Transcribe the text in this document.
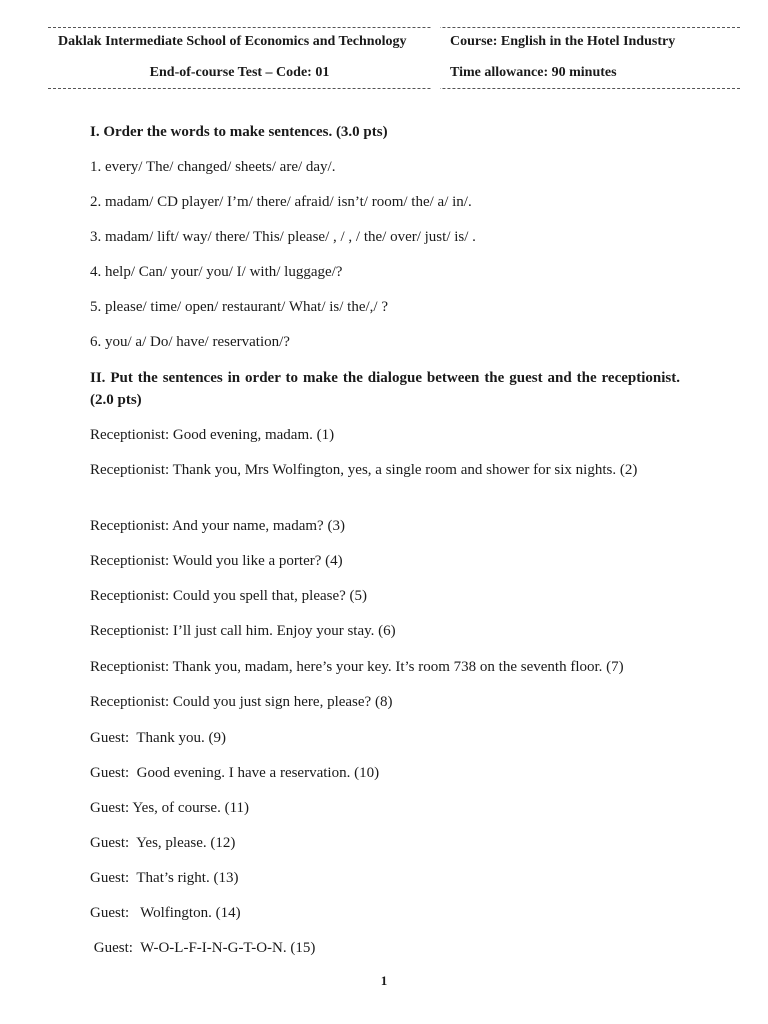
Daklak Intermediate School of Economics and Technology
End-of-course Test – Code: 01
Course: English in the Hotel Industry
Time allowance: 90 minutes
I. Order the words to make sentences. (3.0 pts)
1. every/ The/ changed/ sheets/ are/ day/.
2. madam/ CD player/ I’m/ there/ afraid/ isn’t/ room/ the/ a/ in/.
3. madam/ lift/ way/ there/ This/ please/ , / , / the/ over/ just/ is/ .
4. help/ Can/ your/ you/ I/ with/ luggage/?
5. please/ time/ open/ restaurant/ What/ is/ the/,/ ?
6. you/ a/ Do/ have/ reservation/?
II. Put the sentences in order to make the dialogue between the guest and the receptionist. (2.0 pts)
Receptionist: Good evening, madam. (1)
Receptionist: Thank you, Mrs Wolfington, yes, a single room and shower for six nights. (2)
Receptionist: And your name, madam? (3)
Receptionist: Would you like a porter? (4)
Receptionist: Could you spell that, please? (5)
Receptionist: I’ll just call him. Enjoy your stay. (6)
Receptionist: Thank you, madam, here’s your key. It’s room 738 on the seventh floor. (7)
Receptionist: Could you just sign here, please? (8)
Guest:  Thank you. (9)
Guest:  Good evening. I have a reservation. (10)
Guest: Yes, of course. (11)
Guest:  Yes, please. (12)
Guest:  That’s right. (13)
Guest:   Wolfington. (14)
Guest:  W-O-L-F-I-N-G-T-O-N. (15)
1
